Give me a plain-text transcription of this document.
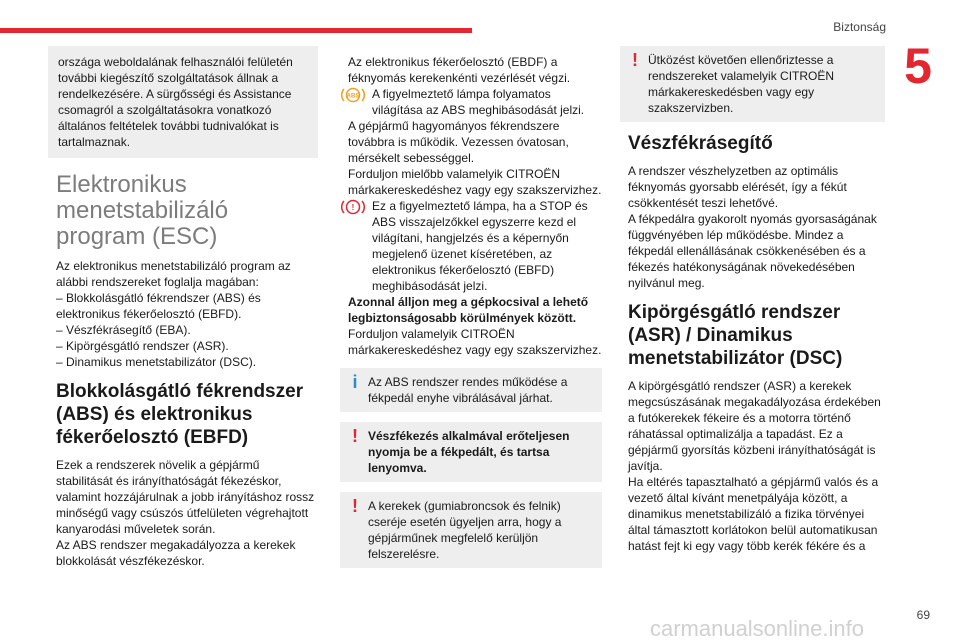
Biztonság
5
országa weboldalának felhasználói felületén további kiegészítő szolgáltatások állnak a rendelkezésére. A sürgősségi és Assistance csomagról a szolgáltatásokra vonatkozó általános feltételek további tudnivalókat is tartalmaznak.
Elektronikus menetstabilizáló program (ESC)

Az elektronikus menetstabilizáló program az alábbi rendszereket foglalja magában:

– Blokkolásgátló fékrendszer (ABS) és elektronikus fékerőelosztó (EBFD).

– Vészfékrásegítő (EBA).

– Kipörgésgátló rendszer (ASR).

– Dinamikus menetstabilizátor (DSC).

Blokkolásgátló fékrendszer (ABS) és elektronikus fékerőelosztó (EBFD)

Ezek a rendszerek növelik a gépjármű stabilitását és irányíthatóságát fékezéskor, valamint hozzájárulnak a jobb irányításhoz rossz minőségű vagy csúszós útfelületen végrehajtott kanyarodási műveletek során.

Az ABS rendszer megakadályozza a kerekek blokkolását vészfékezéskor.

Az elektronikus fékerőelosztó (EBDF) a féknyomás kerekenkénti vezérlését végzi.

ABS A figyelmeztető lámpa folyamatos világítása az ABS meghibásodását jelzi.

A gépjármű hagyományos fékrendszere továbbra is működik. Vezessen óvatosan, mérsékelt sebességgel.

Forduljon mielőbb valamelyik CITROËN márkakereskedéshez vagy egy szakszervizhez.

! Ez a figyelmeztető lámpa, ha a STOP és ABS visszajelzőkkel egyszerre kezd el világítani, hangjelzés és a képernyőn megjelenő üzenet kíséretében, az elektronikus fékerőelosztó (EBFD) meghibásodását jelzi.

Azonnal álljon meg a gépkocsival a lehető legbiztonságosabb körülmények között.

Forduljon valamelyik CITROËN márkakereskedéshez vagy egy szakszervizhez.

i Az ABS rendszer rendes működése a fékpedál enyhe vibrálásával járhat.
! Vészfékezés alkalmával erőteljesen nyomja be a fékpedált, és tartsa lenyomva.
! A kerekek (gumiabroncsok és felnik) cseréje esetén ügyeljen arra, hogy a gépjárműnek megfelelő kerüljön felszerelésre.
! Ütközést követően ellenőriztesse a rendszereket valamelyik CITROËN márkakereskedésben vagy egy szakszervizben.
Vészfékrásegítő

A rendszer vészhelyzetben az optimális féknyomás gyorsabb elérését, így a fékút csökkentését teszi lehetővé.

A fékpedálra gyakorolt nyomás gyorsaságának függvényében lép működésbe. Mindez a fékpedál ellenállásának csökkenésében és a fékezés hatékonyságának növekedésében nyilvánul meg.

Kipörgésgátló rendszer (ASR) / Dinamikus menetstabilizátor (DSC)

A kipörgésgátló rendszer (ASR) a kerekek megcsúszásának megakadályozása érdekében a futókerekek fékeire és a motorra történő ráhatással optimalizálja a tapadást. Ez a gépjármű gyorsítás közbeni irányíthatóságát is javítja.

Ha eltérés tapasztalható a gépjármű valós és a vezető által kívánt menetpályája között, a dinamikus menetstabilizáló a fizika törvényei által támasztott korlátokon belül automatikusan hatást fejt ki egy vagy több kerék fékére és a

carmanualsonline.info
69
